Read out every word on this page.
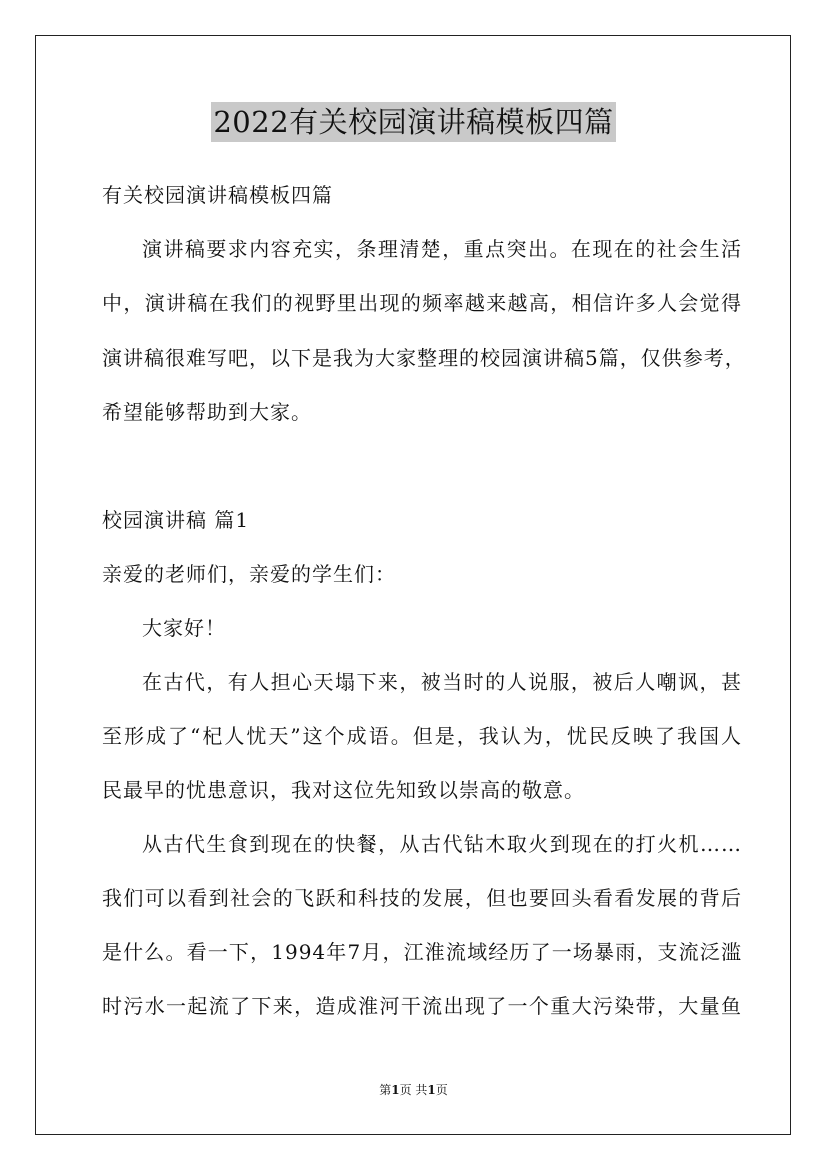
2022有关校园演讲稿模板四篇
有关校园演讲稿模板四篇
演讲稿要求内容充实，条理清楚，重点突出。在现在的社会生活
中，演讲稿在我们的视野里出现的频率越来越高，相信许多人会觉得
演讲稿很难写吧，以下是我为大家整理的校园演讲稿5篇，仅供参考，
希望能够帮助到大家。
校园演讲稿 篇1
亲爱的老师们，亲爱的学生们：
大家好！
在古代，有人担心天塌下来，被当时的人说服，被后人嘲讽，甚
至形成了“杞人忧天”这个成语。但是，我认为，忧民反映了我国人
民最早的忧患意识，我对这位先知致以崇高的敬意。
从古代生食到现在的快餐，从古代钻木取火到现在的打火机……
我们可以看到社会的飞跃和科技的发展，但也要回头看看发展的背后
是什么。看一下，1994年7月，江淮流域经历了一场暴雨，支流泛滥
时污水一起流了下来，造成淮河干流出现了一个重大污染带，大量鱼
第1页 共1页
